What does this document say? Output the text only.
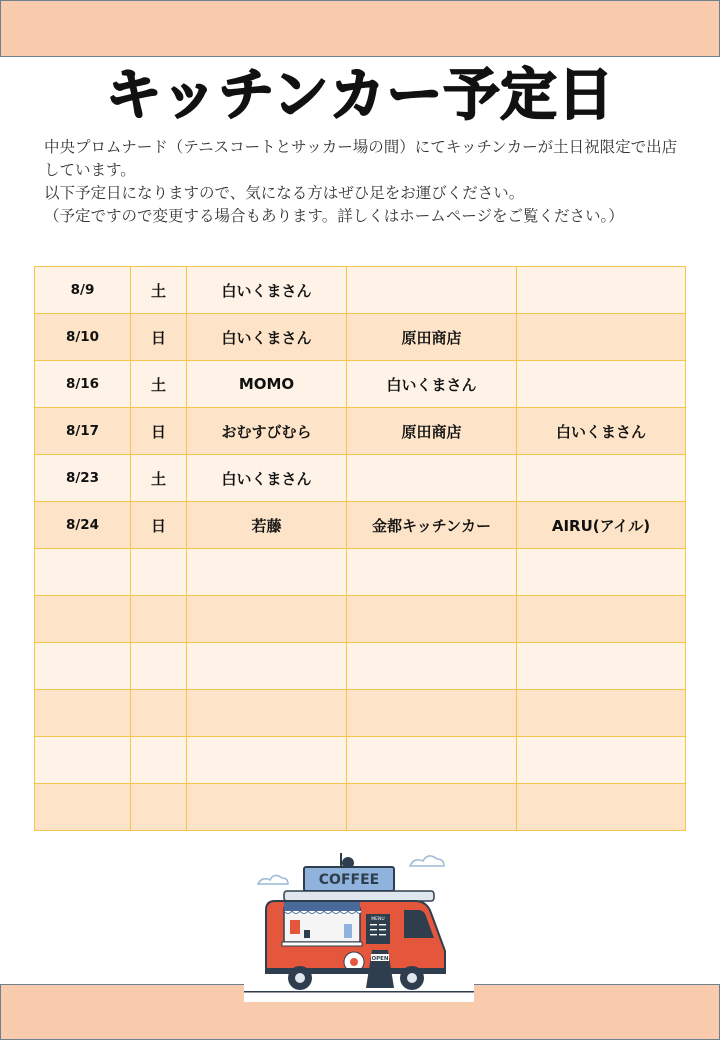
キッチンカー予定日

中央プロムナード（テニスコートとサッカー場の間）にてキッチンカーが土日祝限定で出店しています。

以下予定日になりますので、気になる方はぜひ足をお運びください。

（予定ですので変更する場合もあります。詳しくはホームページをご覧ください。）

8/9	土	白いくまさん		
8/10	日	白いくまさん	原田商店	
8/16	土	MOMO	白いくまさん	
8/17	日	おむすびむら	原田商店	白いくまさん
8/23	土	白いくまさん		
8/24	日	若藤	金都キッチンカー	AIRU(アイル)

COFFEE
MENU
OPEN
